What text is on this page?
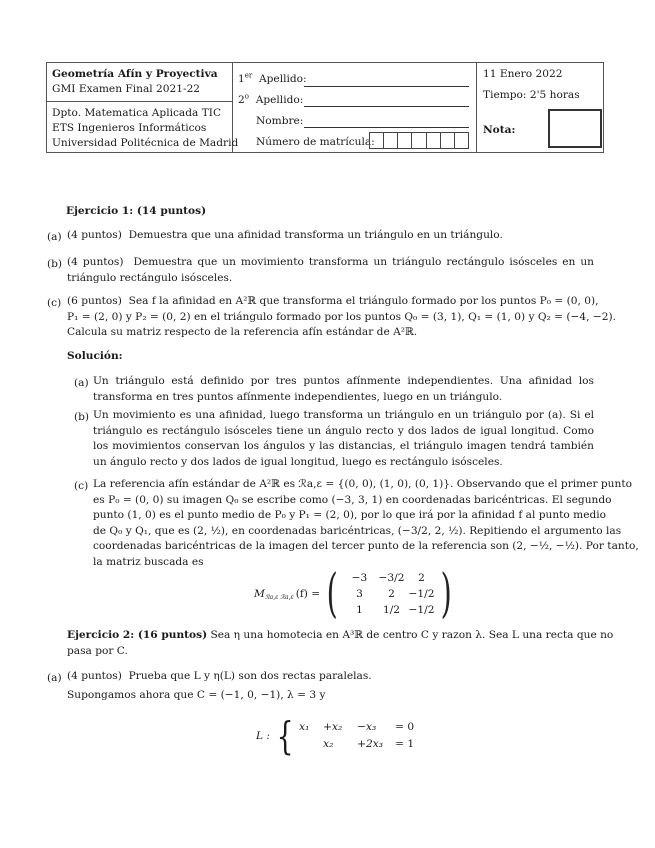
Geometría Afín y Proyectiva
GMI Examen Final 2021-22
Dpto. Matematica Aplicada TIC
ETS Ingenieros Informáticos
Universidad Politécnica de Madrid
1er Apellido:
2$^o$ Apellido:
Nombre:
Número de matrícula:
11 Enero 2022
Tiempo: 2'5 horas
Nota:
Ejercicio 1: (14 puntos)
(a) (4 puntos) Demuestra que una afinidad transforma un triángulo en un triángulo.
(b) (4 puntos) Demuestra que un movimiento transforma un triángulo rectángulo isósceles en un triángulo rectángulo isósceles.
(c) (6 puntos) Sea f la afinidad en A²ℝ que transforma el triángulo formado por los puntos P₀ = (0, 0),
P₁ = (2, 0) y P₂ = (0, 2) en el triángulo formado por los puntos Q₀ = (3, 1), Q₁ = (1, 0) y Q₂ = (−4, −2).
Calcula su matriz respecto de la referencia afín estándar de A²ℝ.
Solución:
(a) Un triángulo está definido por tres puntos afínmente independientes. Una afinidad los transforma en tres puntos afínmente independientes, luego en un triángulo.
(b) Un movimiento es una afinidad, luego transforma un triángulo en un triángulo por (a). Si el triángulo es rectángulo isósceles tiene un ángulo recto y dos lados de igual longitud. Como los movimientos conservan los ángulos y las distancias, el triángulo imagen tendrá también un ángulo recto y dos lados de igual longitud, luego es rectángulo isósceles.
(c) La referencia afín estándar de A²ℝ es ℛa,ε = {(0, 0), (1, 0), (0, 1)}. Observando que el primer punto
es P₀ = (0, 0) su imagen Q₀ se escribe como (−3, 3, 1) en coordenadas baricéntricas. El segundo
punto (1, 0) es el punto medio de P₀ y P₁ = (2, 0), por lo que irá por la afinidad f al punto medio
de Q₀ y Q₁, que es (2, ½), en coordenadas baricéntricas, (−3/2, 2, ½). Repitiendo el argumento las
coordenadas baricéntricas de la imagen del tercer punto de la referencia son (2, −½, −½). Por tanto,
la matriz buscada es
$M_{ℛa,\varepsilon ℛa,\varepsilon}$ (f) = (	−3	−3/2	2
3	2	−1/2
1	1/2 −1/2 )
Ejercicio 2: (16 puntos) Sea η una homotecia en A³ℝ de centro C y razon λ. Sea L una recta que no
pasa por C.
(a) (4 puntos) Prueba que L y η(L) son dos rectas paralelas.
Supongamos ahora que C = (−1, 0, −1), λ = 3 y
L : { x₁	+x₂	−x₃	= 0
x₂	+2x₃	= 1
